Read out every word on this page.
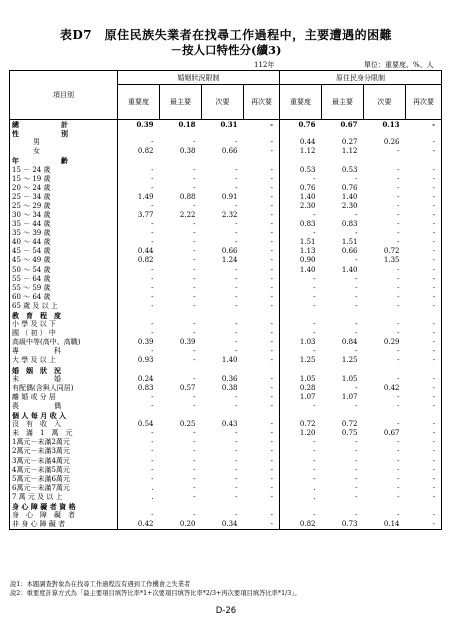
表D7　原住民族失業者在找尋工作過程中，主要遭遇的困難
－按人口特性分(續3)
112年	單位：重要度、%、人
項目別	婚姻狀況限制				原住民身分限制			
	重要度	最主要	次要	再次要	重要度	最主要	次要	再次要
總　　　　　　計	0.39	0.18	0.31	-	0.76	0.67	0.13	-
性　　　　　　別								
　　　男	-	-	-	-	0.44	0.27	0.26	-
　　　女	0.82	0.38	0.66	-	1.12	1.12	-	-
年　　　　　　齡								
15 － 24 歲	-	-	-	-	0.53	0.53	-	-
15 ～ 19 歲	-	-	-	-	-	-	-	-
20 ～ 24 歲	-	-	-	-	0.76	0.76	-	-
25 － 34 歲	1.49	0.88	0.91	-	1.40	1.40	-	-
25 ～ 29 歲	-	-	-	-	2.30	2.30	-	-
30 ～ 34 歲	3.77	2.22	2.32	-	-	-	-	-
35 － 44 歲	-	-	-	-	0.83	0.83	-	-
35 ～ 39 歲	-	-	-	-	-	-	-	-
40 ～ 44 歲	-	-	-	-	1.51	1.51	-	-
45 － 54 歲	0.44	-	0.66	-	1.13	0.66	0.72	-
45 ～ 49 歲	0.82	-	1.24	-	0.90	-	1.35	-
50 ～ 54 歲	-	-	-	-	1.40	1.40	-	-
55 － 64 歲	-	-	-	-	-	-	-	-
55 ～ 59 歲	-	-	-	-	-	-	-	-
60 ～ 64 歲	-	-	-	-	-	-	-	-
65 歲 及 以 上	-	-	-	-	-	-	-	-
教　育　程　度								
小 學 及 以 下	-	-	-	-	-	-	-	-
國 （ 初 ） 中	-	-	-	-	-	-	-	-
高級中等(高中、高職)	0.39	0.39	-	-	1.03	0.84	0.29	-
專　　　　　科	-	-	-	-	-	-	-	-
大 學 及 以 上	0.93	-	1.40	-	1.25	1.25	-	-
婚　姻　狀　況								
未　　　　　婚	0.24	-	0.36	-	1.05	1.05	-	-
有配偶(含與人同居)	0.83	0.57	0.38	-	0.28	-	0.42	-
離 婚 或 分 居	-	-	-	-	1.07	1.07	-	-
喪　　　　　偶	-	-	-	-	-	-	-	-
個 人 每 月 收 入								
沒　有　收　入	0.54	0.25	0.43	-	0.72	0.72	-	-
未　滿　1　萬　元	-	-	-	-	1.20	0.75	0.67	-
1萬元－未滿2萬元	-	-	-	-	-	-	-	-
2萬元－未滿3萬元	-	-	-	-	-	-	-	-
3萬元－未滿4萬元	-	-	-	-	-	-	-	-
4萬元－未滿5萬元	-	-	-	-	-	-	-	-
5萬元－未滿6萬元	-	-	-	-	-	-	-	-
6萬元－未滿7萬元	.	-	-	-	.	-	-	-
7 萬 元 及 以 上	.	-	-	-	.	-	-	-
身 心 障 礙 者 資 格								
身　心　障　礙　者	-	-	-	-	-	-	-	-
非 身 心 障 礙 者	0.42	0.20	0.34	-	0.82	0.73	0.14	-
說1：本題調查對象為在找尋工作過程沒有遇到工作機會之失業者
說2：重要度計算方式為「最主要項目填答比率*1+次要項目填答比率*2/3+再次要項目填答比率*1/3」。
D-26
